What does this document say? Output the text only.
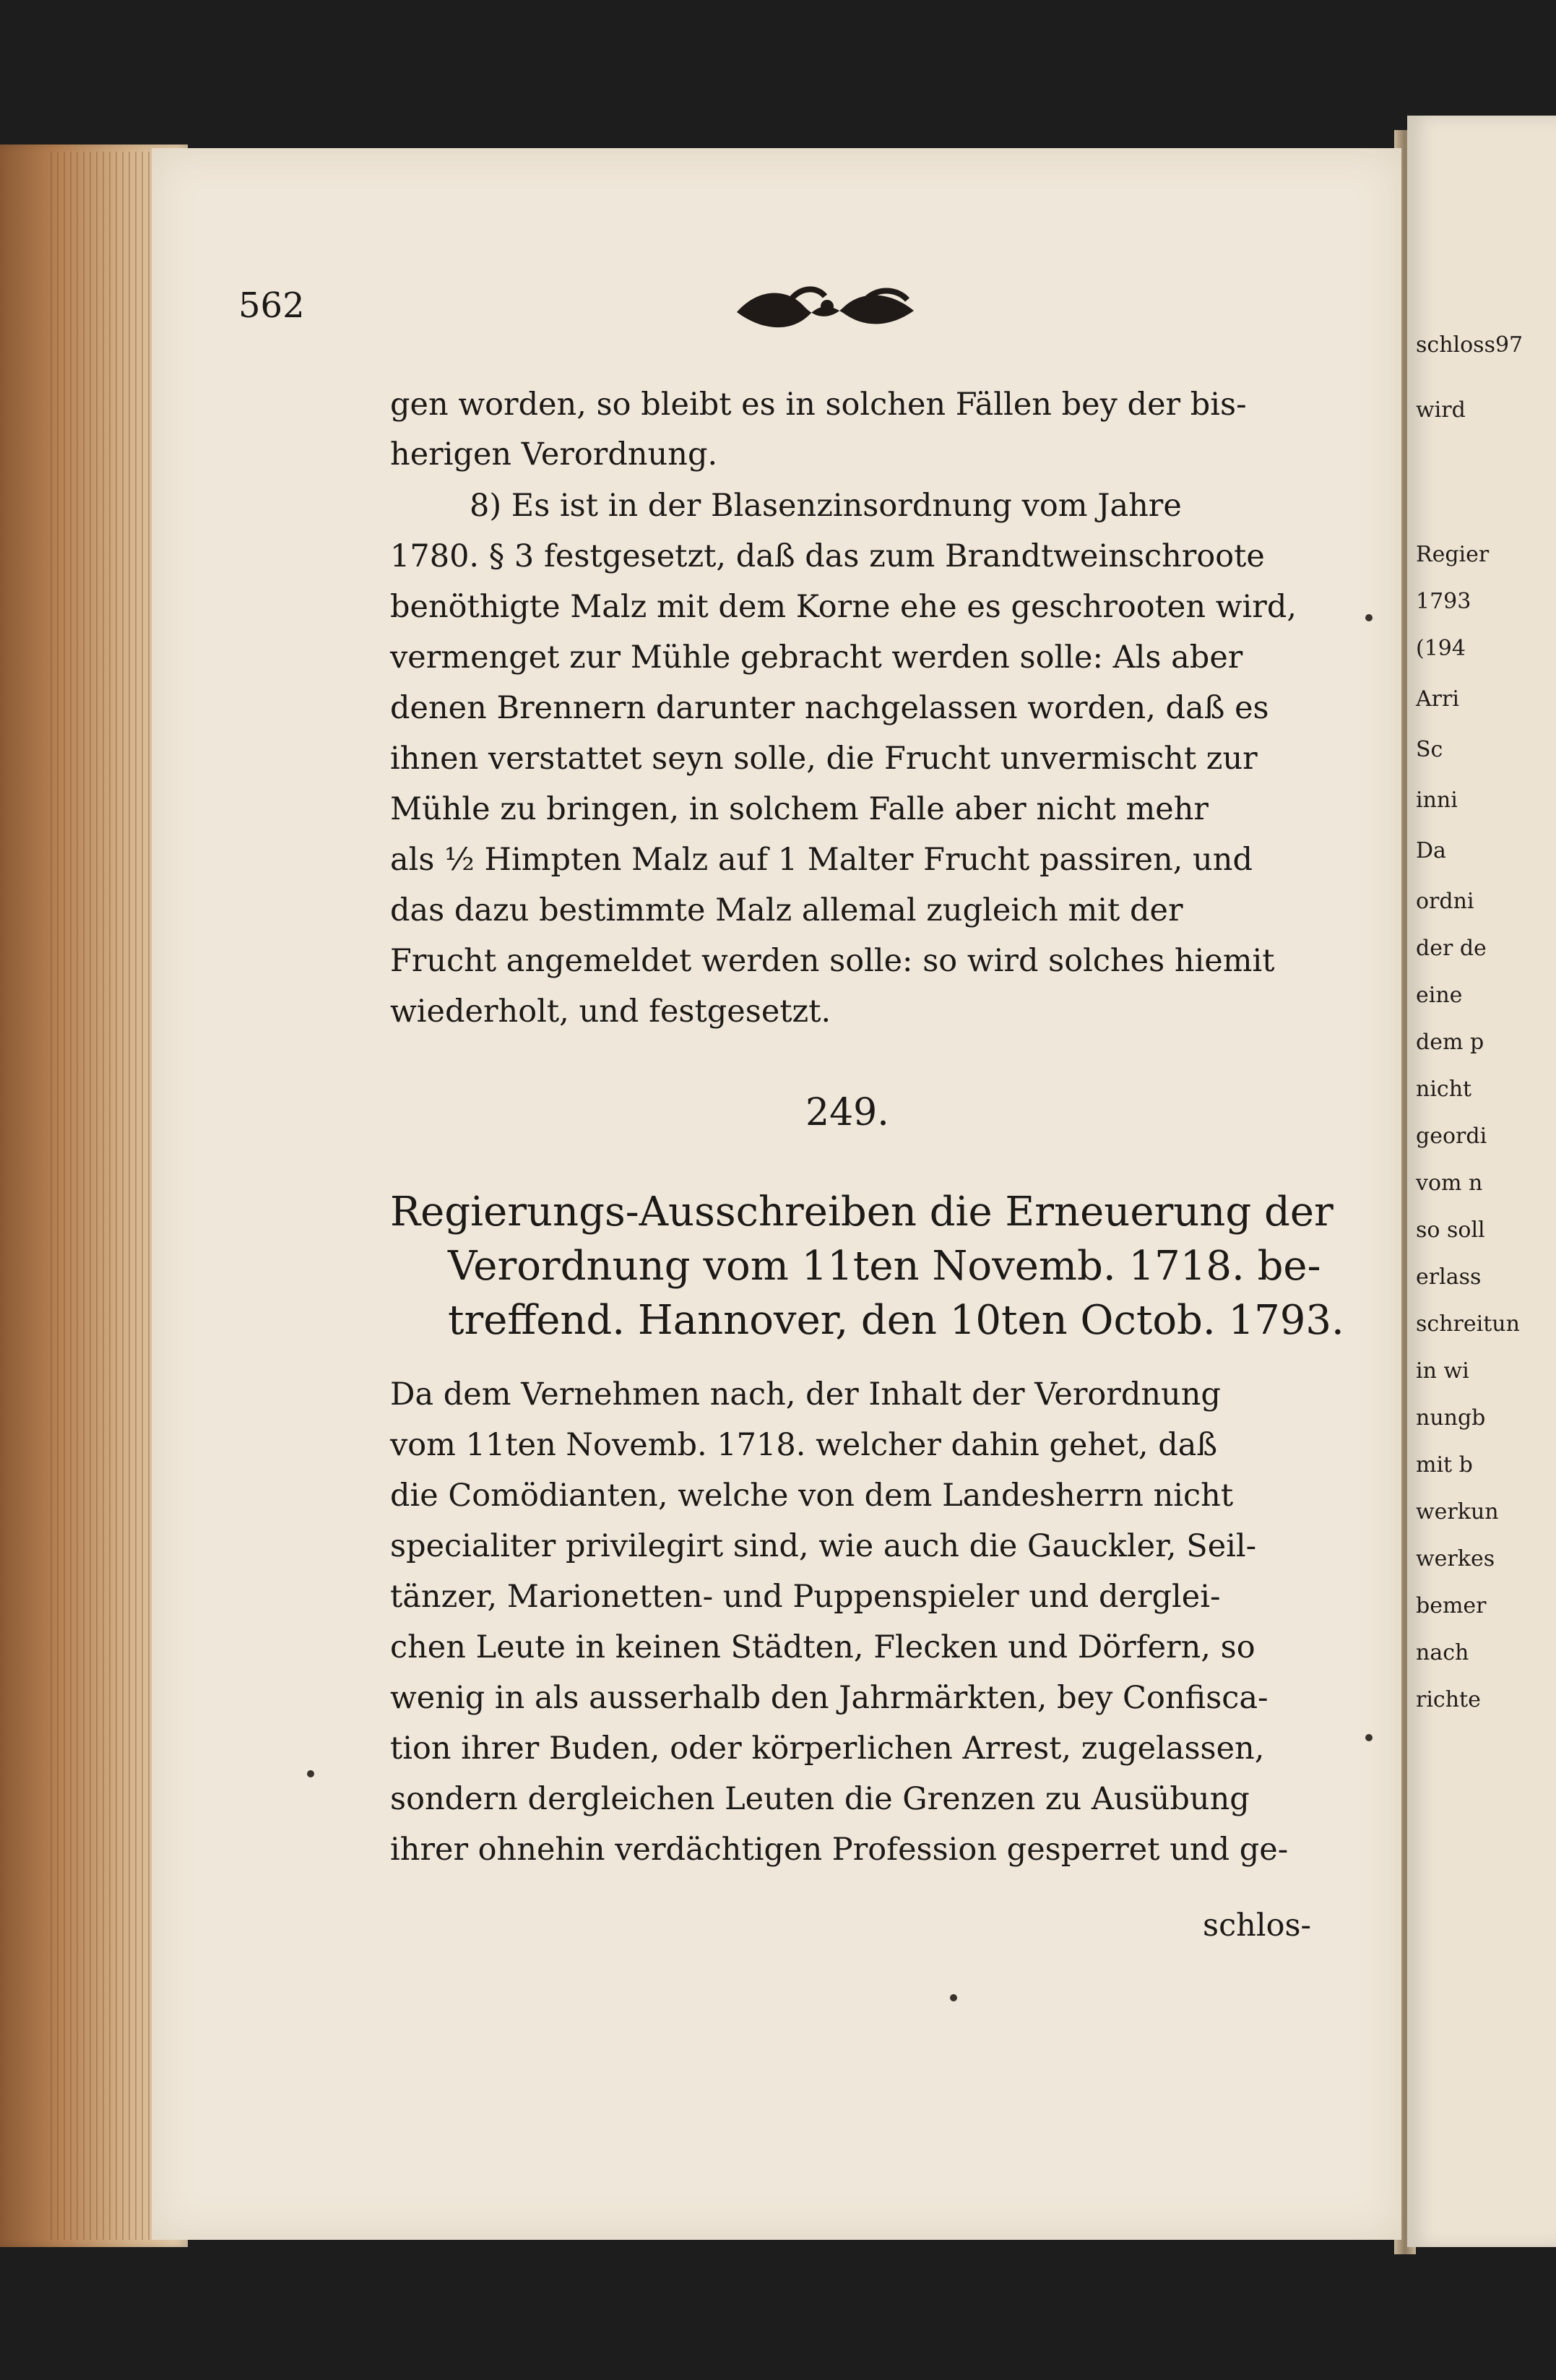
schloss97
wird
Regier
1793
(194
Arri
Sc
inni
Da
ordni
der de
eine
dem p
nicht
geordi
vom n
so soll
erlass
schreitun
in wi
nungb
mit b
werkun
werkes
bemer
nach
richte
562
gen worden, so bleibt es in solchen Fällen bey der bis-
herigen Verordnung.
8) Es ist in der Blasenzinsordnung vom Jahre
1780. § 3 festgesetzt, daß das zum Brandtweinschroote
benöthigte Malz mit dem Korne ehe es geschrooten wird,
vermenget zur Mühle gebracht werden solle: Als aber
denen Brennern darunter nachgelassen worden, daß es
ihnen verstattet seyn solle, die Frucht unvermischt zur
Mühle zu bringen, in solchem Falle aber nicht mehr
als ½ Himpten Malz auf 1 Malter Frucht passiren, und
das dazu bestimmte Malz allemal zugleich mit der
Frucht angemeldet werden solle: so wird solches hiemit
wiederholt, und festgesetzt.
249.
Regierungs-Ausschreiben die Erneuerung der
Verordnung vom 11ten Novemb. 1718. be-
treffend. Hannover, den 10ten Octob. 1793.
Da dem Vernehmen nach, der Inhalt der Verordnung
vom 11ten Novemb. 1718. welcher dahin gehet, daß
die Comödianten, welche von dem Landesherrn nicht
specialiter privilegirt sind, wie auch die Gauckler, Seil-
tänzer, Marionetten- und Puppenspieler und derglei-
chen Leute in keinen Städten, Flecken und Dörfern, so
wenig in als ausserhalb den Jahrmärkten, bey Confisca-
tion ihrer Buden, oder körperlichen Arrest, zugelassen,
sondern dergleichen Leuten die Grenzen zu Ausübung
ihrer ohnehin verdächtigen Profession gesperret und ge-
schlos-
